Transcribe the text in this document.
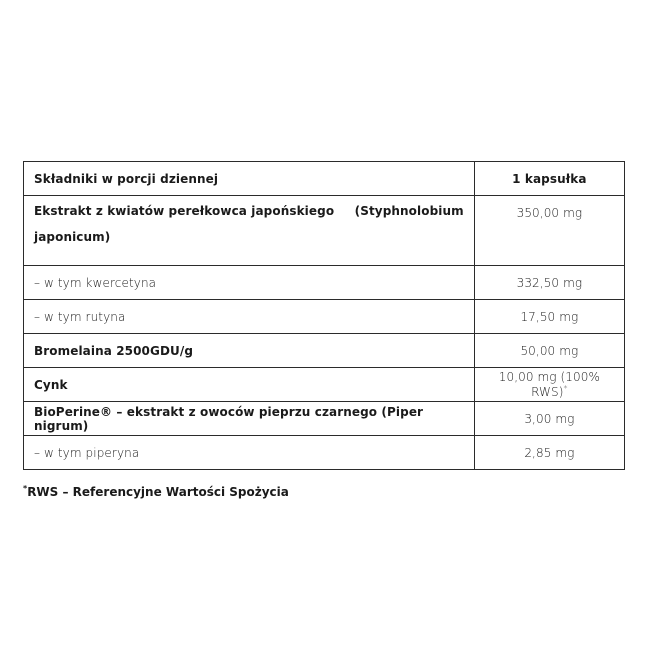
Składniki w porcji dziennej	1 kapsułka

Ekstrakt z kwiatów perełkowca japońskiego (Styphnolobium
japonicum)	350,00 mg
– w tym kwercetyna	332,50 mg
– w tym rutyna	17,50 mg
Bromelaina 2500GDU/g	50,00 mg
Cynk	10,00 mg (100% RWS)*
BioPerine® – ekstrakt z owoców pieprzu czarnego (Piper nigrum)	3,00 mg
– w tym piperyna	2,85 mg
*RWS – Referencyjne Wartości Spożycia
